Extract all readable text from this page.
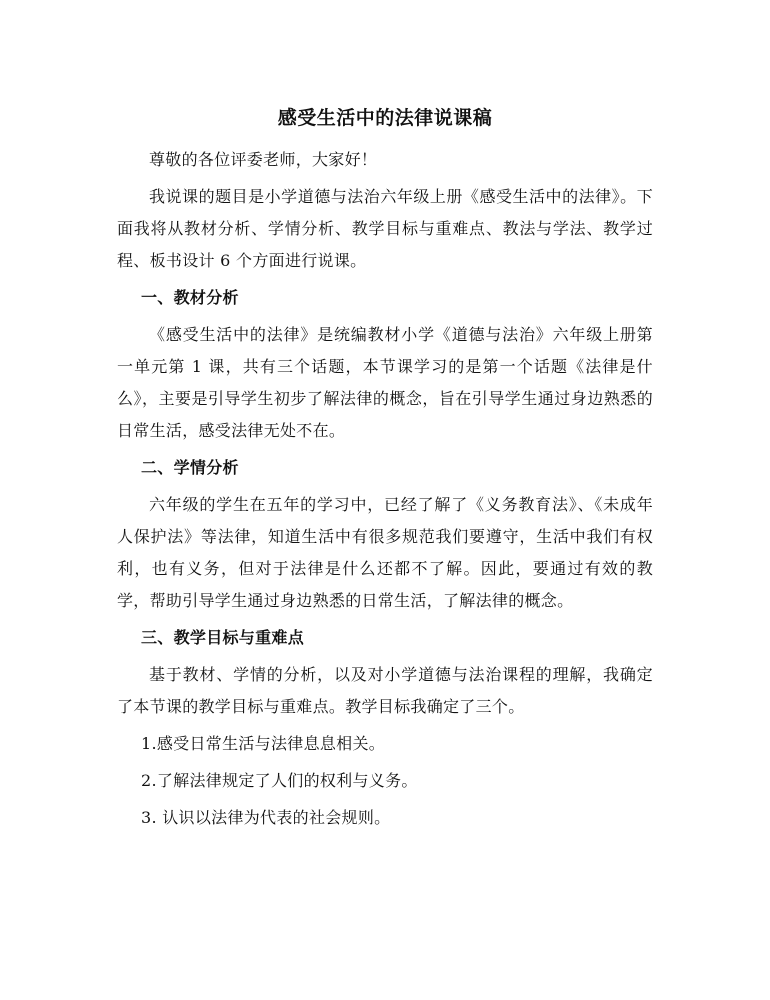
感受生活中的法律说课稿

尊敬的各位评委老师，大家好！

我说课的题目是小学道德与法治六年级上册《感受生活中的法律》。下面我将从教材分析、学情分析、教学目标与重难点、教法与学法、教学过程、板书设计 6 个方面进行说课。

一、教材分析

《感受生活中的法律》是统编教材小学《道德与法治》六年级上册第一单元第 1 课，共有三个话题，本节课学习的是第一个话题《法律是什么》，主要是引导学生初步了解法律的概念，旨在引导学生通过身边熟悉的日常生活，感受法律无处不在。

二、学情分析

六年级的学生在五年的学习中，已经了解了《义务教育法》、《未成年人保护法》等法律，知道生活中有很多规范我们要遵守，生活中我们有权利，也有义务，但对于法律是什么还都不了解。因此，要通过有效的教学，帮助引导学生通过身边熟悉的日常生活，了解法律的概念。

三、教学目标与重难点

基于教材、学情的分析，以及对小学道德与法治课程的理解，我确定了本节课的教学目标与重难点。教学目标我确定了三个。

1.感受日常生活与法律息息相关。

2.了解法律规定了人们的权利与义务。

3. 认识以法律为代表的社会规则。
